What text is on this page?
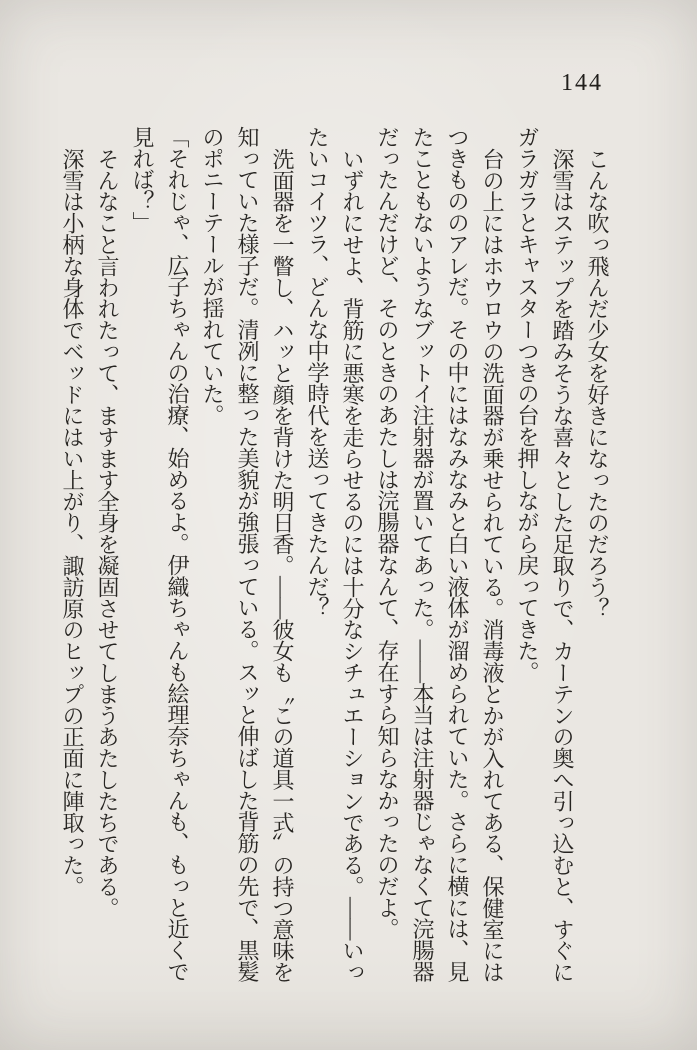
144

こんな吹っ飛んだ少女を好きになったのだろう？

深雪はステップを踏みそうな喜々とした足取りで、カーテンの奥へ引っ込むと、すぐにガラガラとキャスターつきの台を押しながら戻ってきた。

台の上にはホウロウの洗面器が乗せられている。消毒液とかが入れてある、保健室にはつきもののアレだ。その中にはなみなみと白い液体が溜められていた。さらに横には、見たこともないようなブットイ注射器が置いてあった。――本当は注射器じゃなくて浣腸器だったんだけど、そのときのあたしは浣腸器なんて、存在すら知らなかったのだよ。

いずれにせよ、背筋に悪寒を走らせるのには十分なシチュエーションである。――いったいコイツラ、どんな中学時代を送ってきたんだ？

洗面器を一瞥し、ハッと顔を背けた明日香。――彼女も〝この道具一式〟の持つ意味を知っていた様子だ。清冽に整った美貌が強張っている。スッと伸ばした背筋の先で、黒髪のポニーテールが揺れていた。

「それじゃ、広子ちゃんの治療、始めるよ。伊織ちゃんも絵理奈ちゃんも、もっと近くで見れば？」

そんなこと言われたって、ますます全身を凝固させてしまうあたしたちである。

深雪は小柄な身体でベッドにはい上がり、諏訪原のヒップの正面に陣取った。
